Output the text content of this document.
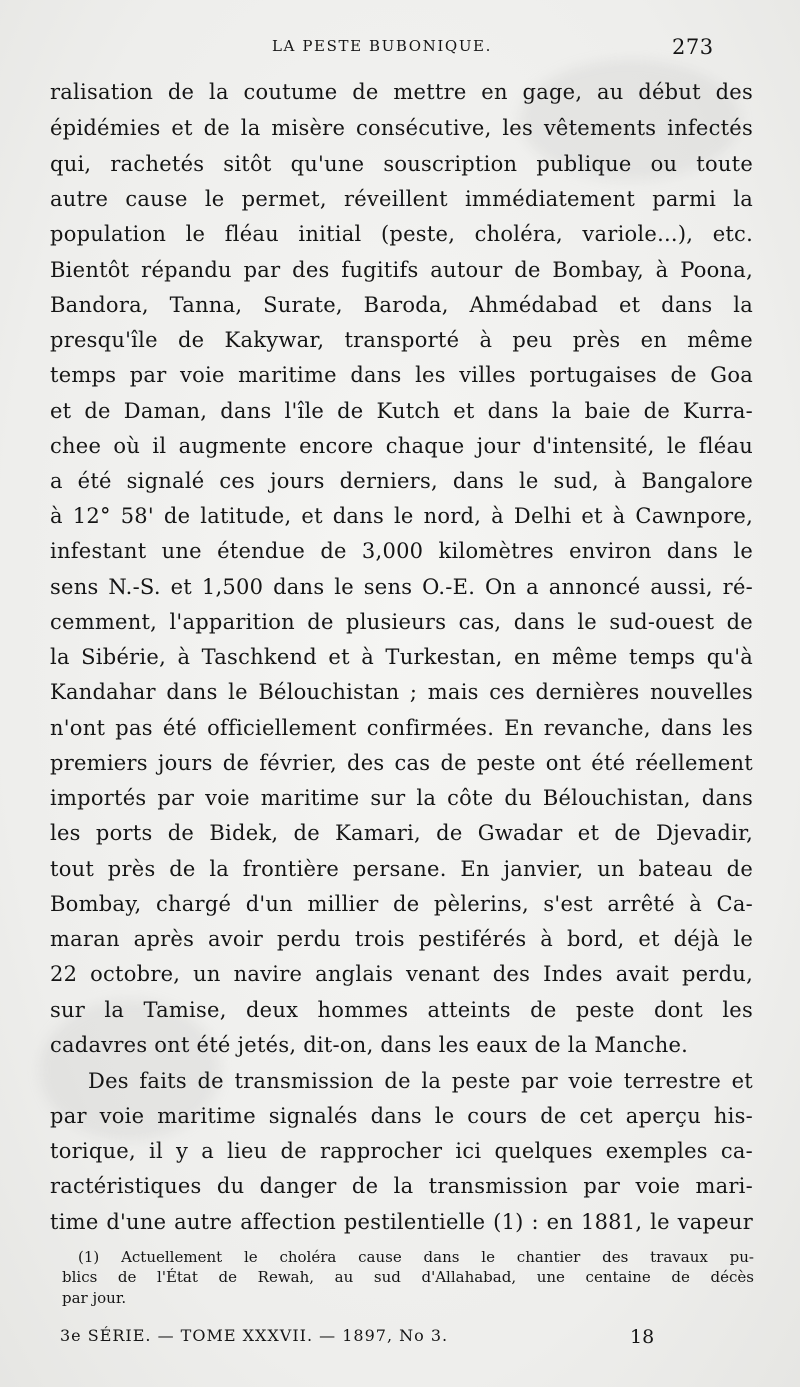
LA PESTE BUBONIQUE.	273
ralisation de la coutume de mettre en gage, au début des
épidémies et de la misère consécutive, les vêtements infectés
qui, rachetés sitôt qu'une souscription publique ou toute
autre cause le permet, réveillent immédiatement parmi la
population le fléau initial (peste, choléra, variole...), etc.
Bientôt répandu par des fugitifs autour de Bombay, à Poona,
Bandora, Tanna, Surate, Baroda, Ahmédabad et dans la
presqu'île de Kakywar, transporté à peu près en même
temps par voie maritime dans les villes portugaises de Goa
et de Daman, dans l'île de Kutch et dans la baie de Kurra-
chee où il augmente encore chaque jour d'intensité, le fléau
a été signalé ces jours derniers, dans le sud, à Bangalore
à 12° 58' de latitude, et dans le nord, à Delhi et à Cawnpore,
infestant une étendue de 3,000 kilomètres environ dans le
sens N.-S. et 1,500 dans le sens O.-E. On a annoncé aussi, ré-
cemment, l'apparition de plusieurs cas, dans le sud-ouest de
la Sibérie, à Taschkend et à Turkestan, en même temps qu'à
Kandahar dans le Bélouchistan ; mais ces dernières nouvelles
n'ont pas été officiellement confirmées. En revanche, dans les
premiers jours de février, des cas de peste ont été réellement
importés par voie maritime sur la côte du Bélouchistan, dans
les ports de Bidek, de Kamari, de Gwadar et de Djevadir,
tout près de la frontière persane. En janvier, un bateau de
Bombay, chargé d'un millier de pèlerins, s'est arrêté à Ca-
maran après avoir perdu trois pestiférés à bord, et déjà le
22 octobre, un navire anglais venant des Indes avait perdu,
sur la Tamise, deux hommes atteints de peste dont les
cadavres ont été jetés, dit-on, dans les eaux de la Manche.
Des faits de transmission de la peste par voie terrestre et
par voie maritime signalés dans le cours de cet aperçu his-
torique, il y a lieu de rapprocher ici quelques exemples ca-
ractéristiques du danger de la transmission par voie mari-
time d'une autre affection pestilentielle (1) : en 1881, le vapeur
(1) Actuellement le choléra cause dans le chantier des travaux pu-
blics de l'État de Rewah, au sud d'Allahabad, une centaine de décès
par jour.
3e SÉRIE. — TOME XXXVII. — 1897, No 3.	18
